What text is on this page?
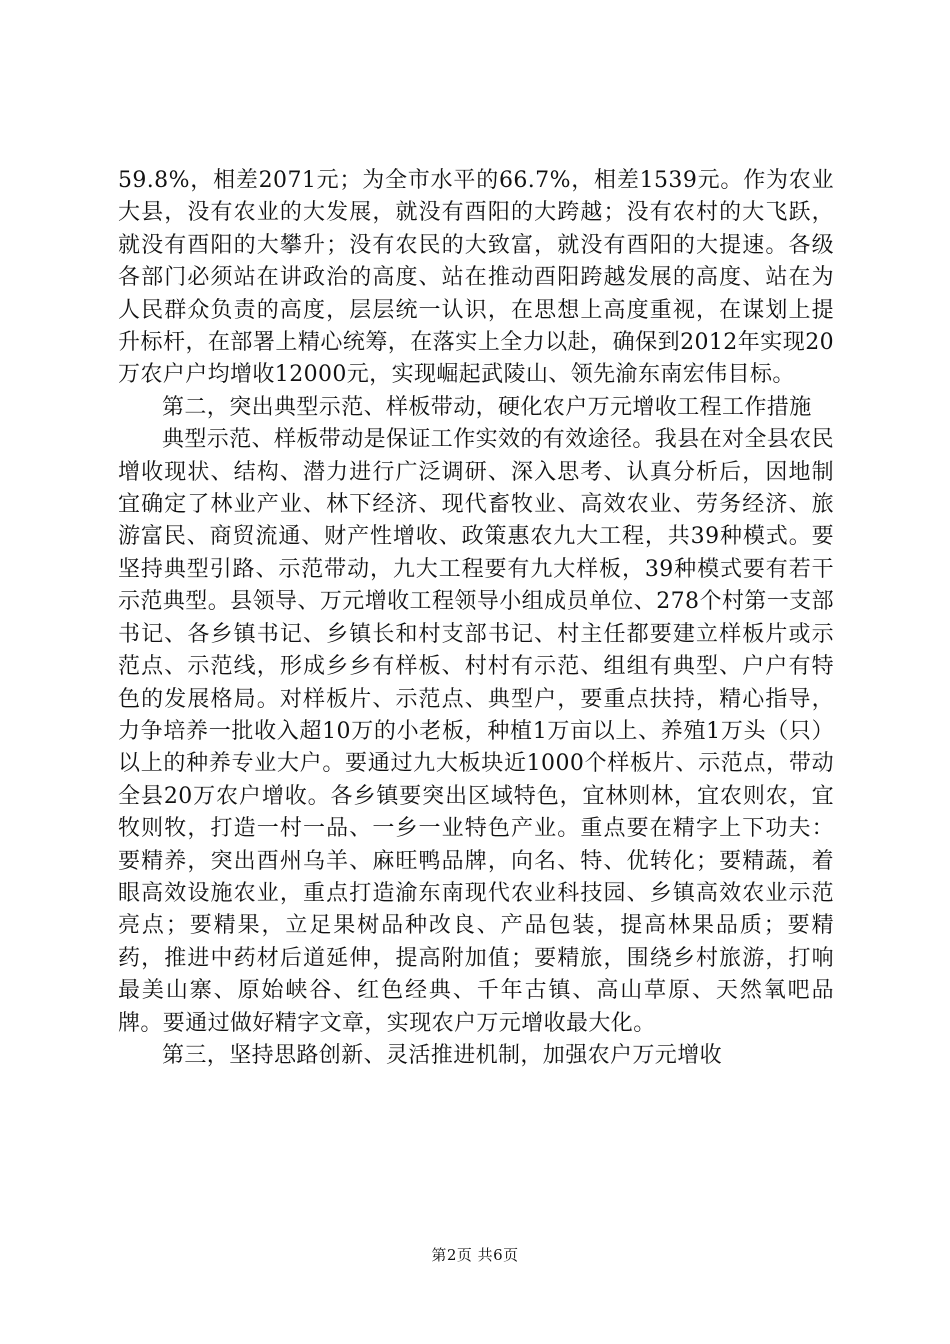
59.8%，相差2071元；为全市水平的66.7%，相差1539元。作为农业大县，没有农业的大发展，就没有酉阳的大跨越；没有农村的大飞跃，就没有酉阳的大攀升；没有农民的大致富，就没有酉阳的大提速。各级各部门必须站在讲政治的高度、站在推动酉阳跨越发展的高度、站在为人民群众负责的高度，层层统一认识，在思想上高度重视，在谋划上提升标杆，在部署上精心统筹，在落实上全力以赴，确保到2012年实现20万农户户均增收12000元，实现崛起武陵山、领先渝东南宏伟目标。

第二，突出典型示范、样板带动，硬化农户万元增收工程工作措施

典型示范、样板带动是保证工作实效的有效途径。我县在对全县农民增收现状、结构、潜力进行广泛调研、深入思考、认真分析后，因地制宜确定了林业产业、林下经济、现代畜牧业、高效农业、劳务经济、旅游富民、商贸流通、财产性增收、政策惠农九大工程，共39种模式。要坚持典型引路、示范带动，九大工程要有九大样板，39种模式要有若干示范典型。县领导、万元增收工程领导小组成员单位、278个村第一支部书记、各乡镇书记、乡镇长和村支部书记、村主任都要建立样板片或示范点、示范线，形成乡乡有样板、村村有示范、组组有典型、户户有特色的发展格局。对样板片、示范点、典型户，要重点扶持，精心指导，力争培养一批收入超10万的小老板，种植1万亩以上、养殖1万头（只）以上的种养专业大户。要通过九大板块近1000个样板片、示范点，带动全县20万农户增收。各乡镇要突出区域特色，宜林则林，宜农则农，宜牧则牧，打造一村一品、一乡一业特色产业。重点要在精字上下功夫：要精养，突出酉州乌羊、麻旺鸭品牌，向名、特、优转化；要精蔬，着眼高效设施农业，重点打造渝东南现代农业科技园、乡镇高效农业示范亮点；要精果，立足果树品种改良、产品包装，提高林果品质；要精药，推进中药材后道延伸，提高附加值；要精旅，围绕乡村旅游，打响最美山寨、原始峡谷、红色经典、千年古镇、高山草原、天然氧吧品牌。要通过做好精字文章，实现农户万元增收最大化。

第三，坚持思路创新、灵活推进机制，加强农户万元增收

第2页 共6页
